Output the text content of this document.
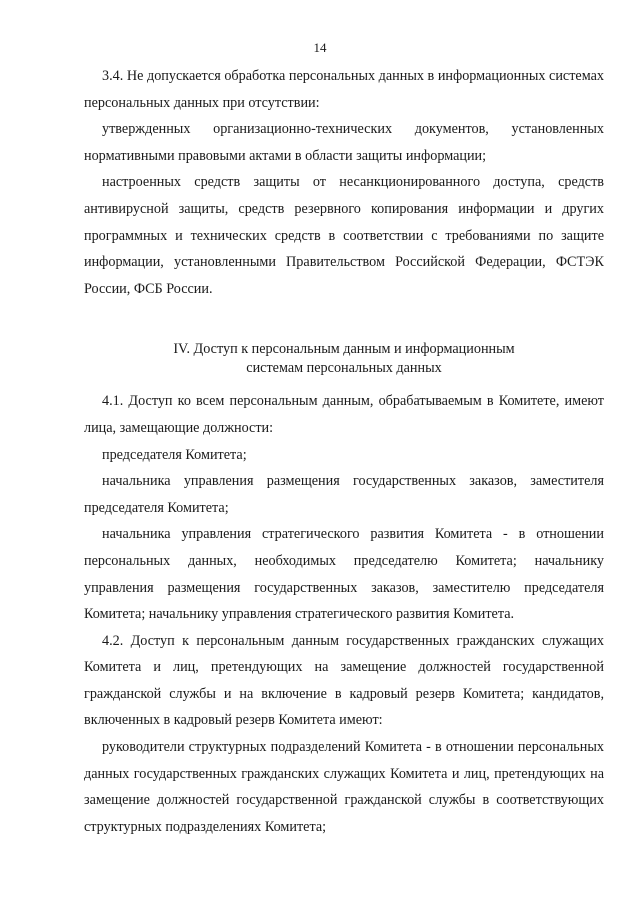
14

3.4. Не допускается обработка персональных данных в информационных системах персональных данных при отсутствии:

утвержденных организационно-технических документов, установленных нормативными правовыми актами в области защиты информации;

настроенных средств защиты от несанкционированного доступа, средств антивирусной защиты, средств резервного копирования информации и других программных и технических средств в соответствии с требованиями по защите информации, установленными Правительством Российской Федерации, ФСТЭК России, ФСБ России.

IV. Доступ к персональным данным и информационным
системам персональных данных

4.1. Доступ ко всем персональным данным, обрабатываемым в Комитете, имеют лица, замещающие должности:

председателя Комитета;

начальника управления размещения государственных заказов, заместителя председателя Комитета;

начальника управления стратегического развития Комитета - в отношении персональных данных, необходимых председателю Комитета; начальнику управления размещения государственных заказов, заместителю председателя Комитета; начальнику управления стратегического развития Комитета.

4.2. Доступ к персональным данным государственных гражданских служащих Комитета и лиц, претендующих на замещение должностей государственной гражданской службы и на включение в кадровый резерв Комитета; кандидатов, включенных в кадровый резерв Комитета имеют:

руководители структурных подразделений Комитета - в отношении персональных данных государственных гражданских служащих Комитета и лиц, претендующих на замещение должностей государственной гражданской службы в соответствующих структурных подразделениях Комитета;
